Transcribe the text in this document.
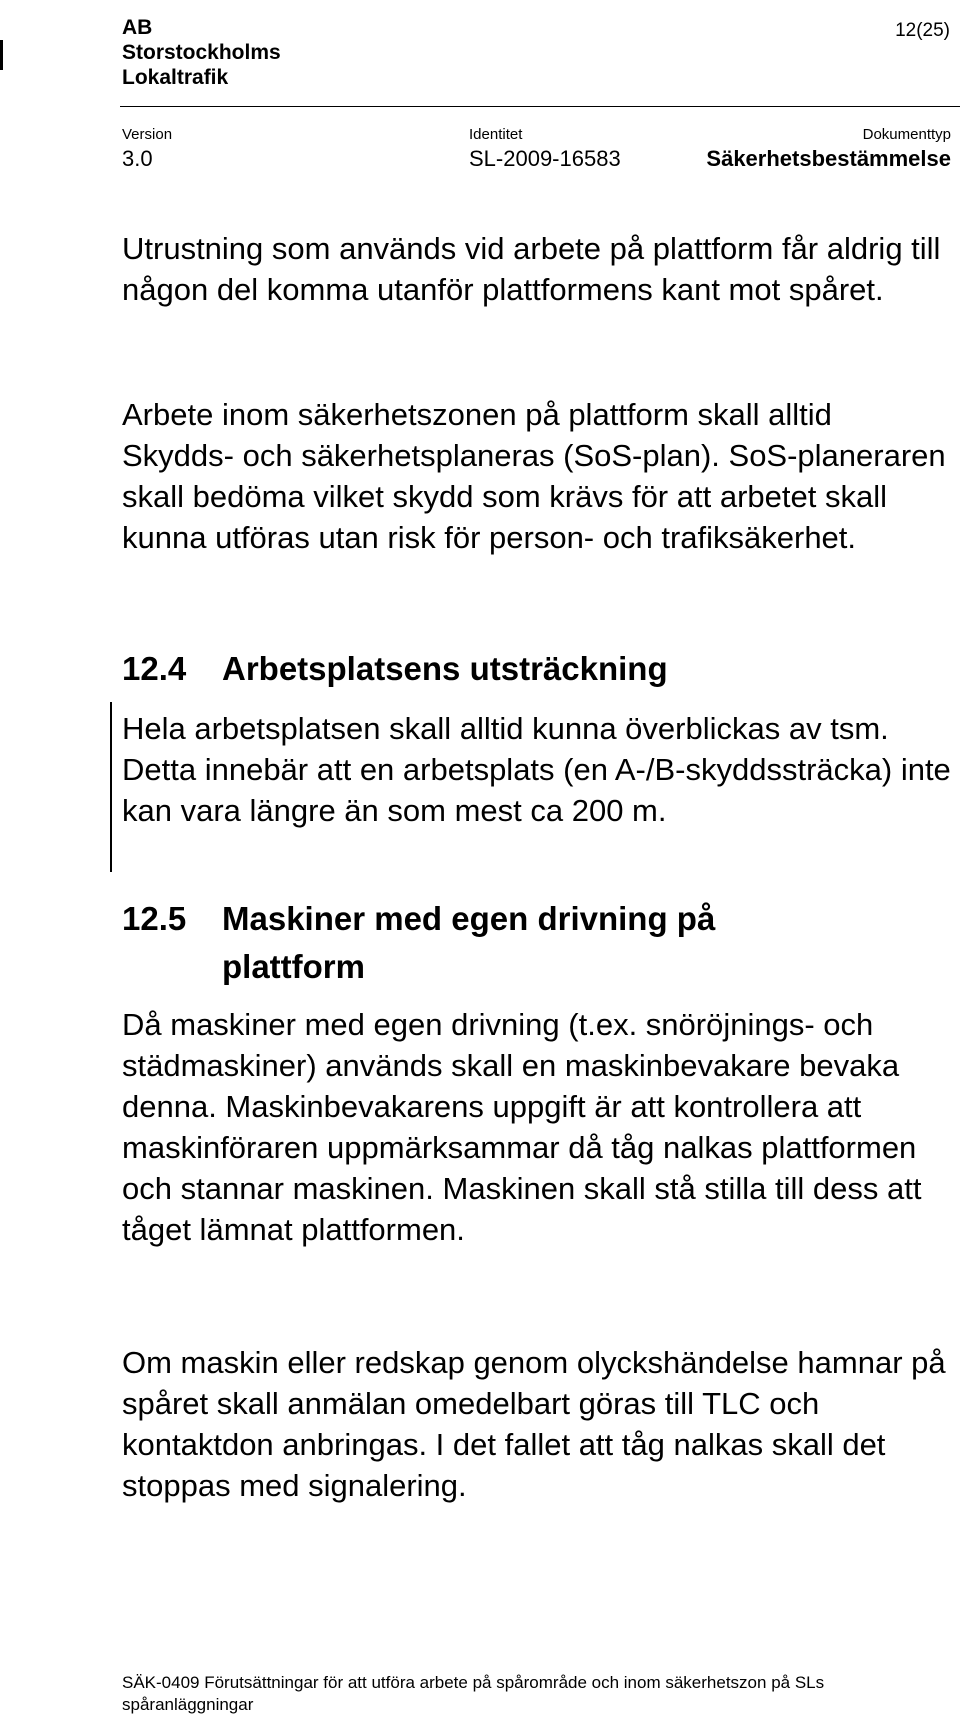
AB
Storstockholms
Lokaltrafik
12(25)
Version	Identitet	Dokumenttyp
3.0	SL-2009-16583	Säkerhetsbestämmelse

Utrustning som används vid arbete på plattform får aldrig till någon del komma utanför plattformens kant mot spåret.

Arbete inom säkerhetszonen på plattform skall alltid Skydds- och säkerhetsplaneras (SoS-plan). SoS-planeraren skall bedöma vilket skydd som krävs för att arbetet skall kunna utföras utan risk för person- och trafiksäkerhet.

12.4 Arbetsplatsens utsträckning

Hela arbetsplatsen skall alltid kunna överblickas av tsm. Detta innebär att en arbetsplats (en A-/B-skyddssträcka) inte kan vara längre än som mest ca 200 m.

12.5 Maskiner med egen drivning på
plattform

Då maskiner med egen drivning (t.ex. snöröjnings- och städmaskiner) används skall en maskinbevakare bevaka denna. Maskinbevakarens uppgift är att kontrollera att maskinföraren uppmärksammar då tåg nalkas plattformen och stannar maskinen. Maskinen skall stå stilla till dess att tåget lämnat plattformen.

Om maskin eller redskap genom olyckshändelse hamnar på spåret skall anmälan omedelbart göras till TLC och kontaktdon anbringas. I det fallet att tåg nalkas skall det stoppas med signalering.

SÄK-0409 Förutsättningar för att utföra arbete på spårområde och inom säkerhetszon på SLs spåranläggningar
